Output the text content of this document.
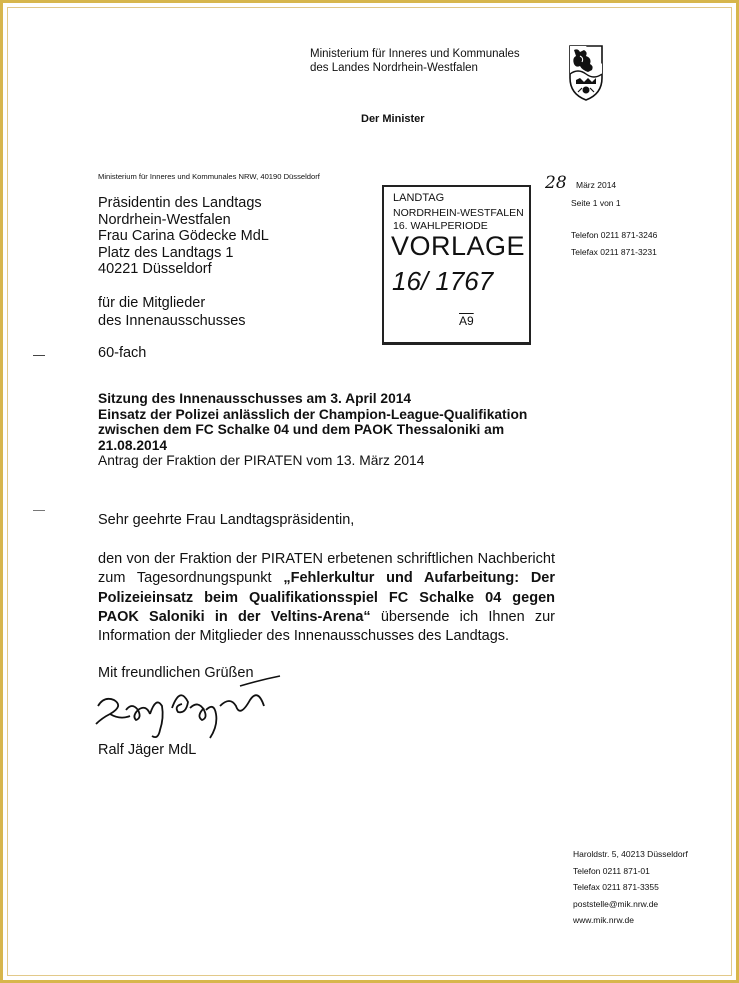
Ministerium für Inneres und Kommunales
des Landes Nordrhein-Westfalen
Der Minister
Ministerium für Inneres und Kommunales NRW, 40190 Düsseldorf
Präsidentin des Landtags
Nordrhein-Westfalen
Frau Carina Gödecke MdL
Platz des Landtags 1
40221 Düsseldorf
für die Mitglieder
des Innenausschusses
60-fach
28 März 2014
Seite 1 von 1
Telefon 0211 871-3246
Telefax 0211 871-3231
LANDTAG
NORDRHEIN-WESTFALEN
16. WAHLPERIODE
VORLAGE
16/ 1767
A9
Sitzung des Innenausschusses am 3. April 2014
Einsatz der Polizei anlässlich der Champion-League-Qualifikation
zwischen dem FC Schalke 04 und dem PAOK Thessaloniki am
21.08.2014
Antrag der Fraktion der PIRATEN vom 13. März 2014
Sehr geehrte Frau Landtagspräsidentin,
den von der Fraktion der PIRATEN erbetenen schriftlichen Nachbericht zum Tagesordnungspunkt „Fehlerkultur und Aufarbeitung: Der Polizeieinsatz beim Qualifikationsspiel FC Schalke 04 gegen PAOK Saloniki in der Veltins-Arena“ übersende ich Ihnen zur Information der Mitglieder des Innenausschusses des Landtags.
Mit freundlichen Grüßen
Ralf Jäger MdL
Haroldstr. 5, 40213 Düsseldorf
Telefon 0211 871-01
Telefax 0211 871-3355
poststelle@mik.nrw.de
www.mik.nrw.de
